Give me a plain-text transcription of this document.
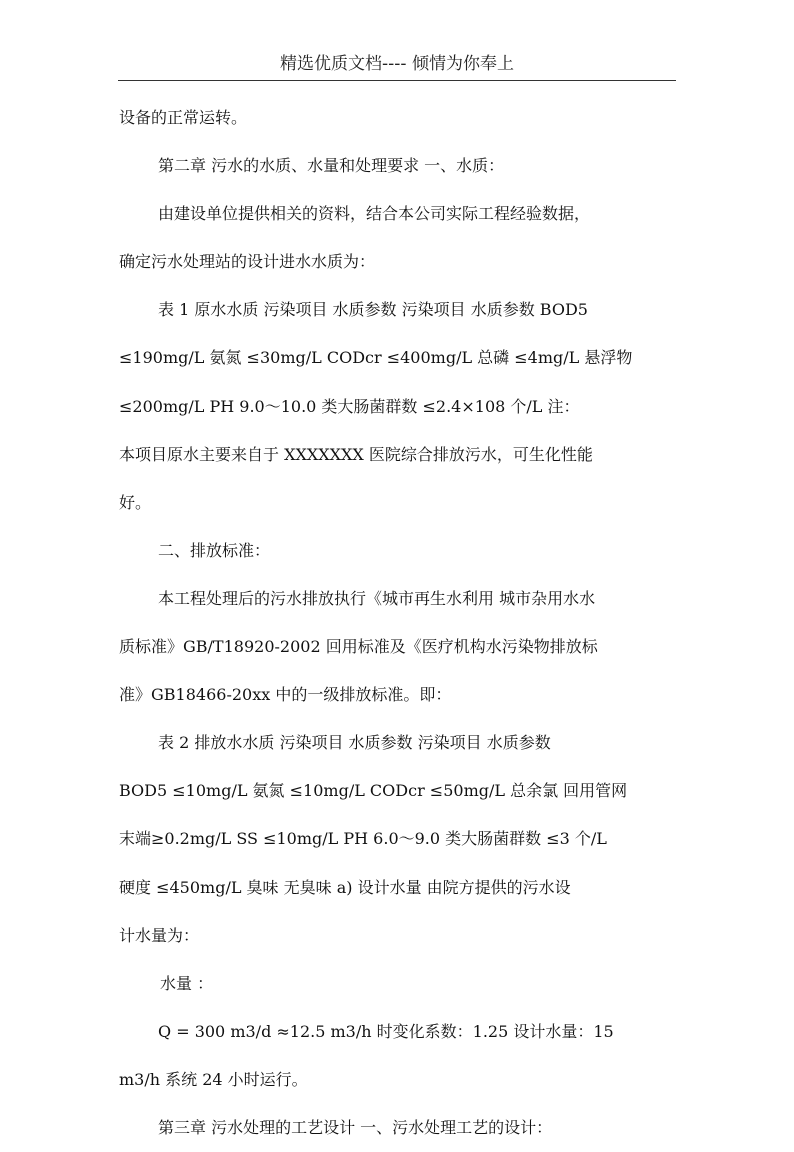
精选优质文档---- 倾情为你奉上
设备的正常运转。
第二章 污水的水质、水量和处理要求 一、水质：
由建设单位提供相关的资料，结合本公司实际工程经验数据，
确定污水处理站的设计进水水质为：
表 1 原水水质 污染项目 水质参数 污染项目 水质参数 BOD5
≤190mg/L 氨氮 ≤30mg/L CODcr ≤400mg/L 总磷 ≤4mg/L 悬浮物
≤200mg/L PH 9.0～10.0 类大肠菌群数 ≤2.4×108 个/L 注：
本项目原水主要来自于 XXXXXXX 医院综合排放污水，可生化性能
好。
二、排放标准：
本工程处理后的污水排放执行《城市再生水利用 城市杂用水水
质标准》GB/T18920-2002 回用标准及《医疗机构水污染物排放标
准》GB18466-20xx 中的一级排放标准。即：
表 2 排放水水质 污染项目 水质参数 污染项目 水质参数
BOD5 ≤10mg/L 氨氮 ≤10mg/L CODcr ≤50mg/L 总余氯 回用管网
末端≥0.2mg/L SS ≤10mg/L PH 6.0～9.0 类大肠菌群数 ≤3 个/L
硬度 ≤450mg/L 臭味 无臭味 a) 设计水量 由院方提供的污水设
计水量为：
水量 ：
Q = 300 m3/d ≈12.5 m3/h 时变化系数：1.25 设计水量：15
m3/h 系统 24 小时运行。
第三章 污水处理的工艺设计 一、污水处理工艺的设计：
